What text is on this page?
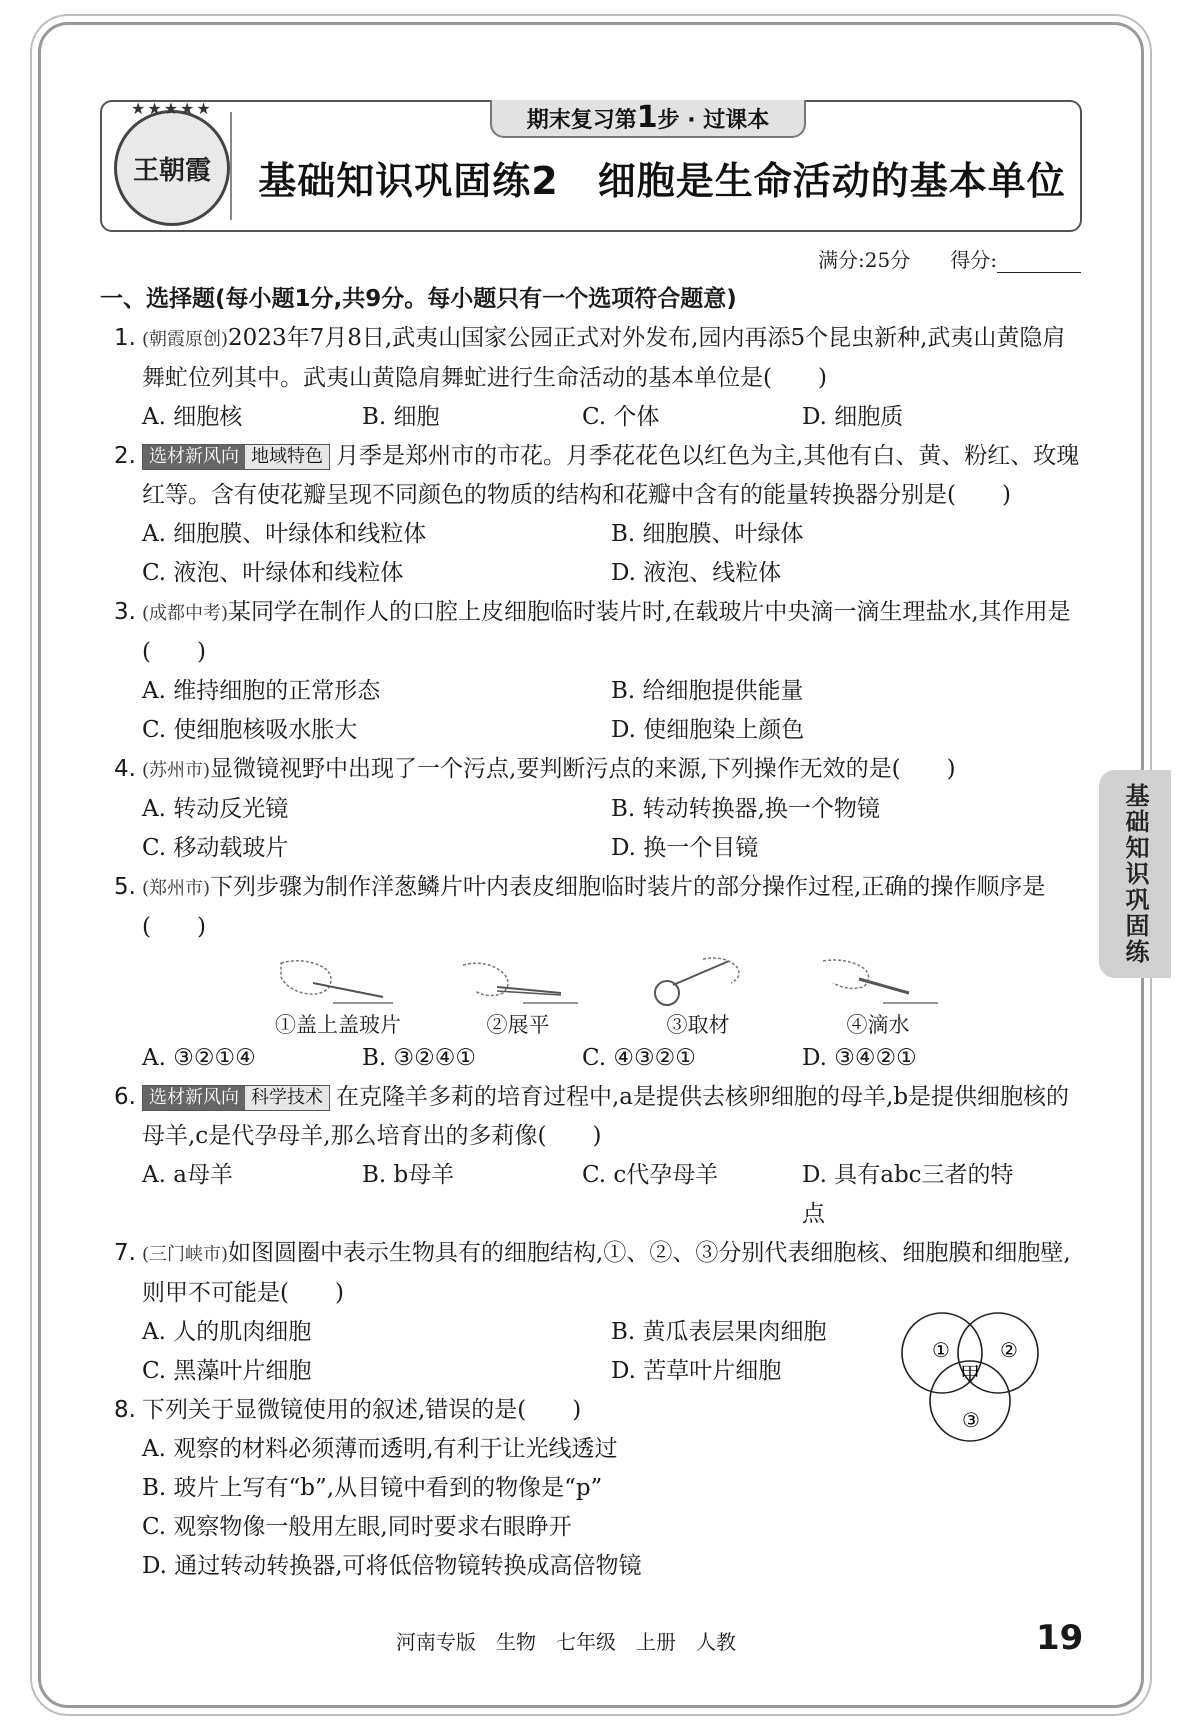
★★★★★
王朝霞
期末复习第1步 · 过课本
基础知识巩固练2　细胞是生命活动的基本单位
满分:25分　　 得分:
一、选择题(每小题1分,共9分。每小题只有一个选项符合题意)
1. (朝霞原创)2023年7月8日,武夷山国家公园正式对外发布,园内再添5个昆虫新种,武夷山黄隐肩舞虻位列其中。武夷山黄隐肩舞虻进行生命活动的基本单位是(　　)
A. 细胞核	B. 细胞	C. 个体	D. 细胞质
2. 选材新风向 地域特色 月季是郑州市的市花。月季花花色以红色为主,其他有白、黄、粉红、玫瑰红等。含有使花瓣呈现不同颜色的物质的结构和花瓣中含有的能量转换器分别是(　　)
A. 细胞膜、叶绿体和线粒体	B. 细胞膜、叶绿体
C. 液泡、叶绿体和线粒体	D. 液泡、线粒体
3. (成都中考)某同学在制作人的口腔上皮细胞临时装片时,在载玻片中央滴一滴生理盐水,其作用是(　　)
A. 维持细胞的正常形态	B. 给细胞提供能量
C. 使细胞核吸水胀大	D. 使细胞染上颜色
4. (苏州市)显微镜视野中出现了一个污点,要判断污点的来源,下列操作无效的是(　　)
A. 转动反光镜	B. 转动转换器,换一个物镜
C. 移动载玻片	D. 换一个目镜
5. (郑州市)下列步骤为制作洋葱鳞片叶内表皮细胞临时装片的部分操作过程,正确的操作顺序是(　　)
①盖上盖玻片	②展平	③取材	④滴水
A. ③②①④	B. ③②④①	C. ④③②①	D. ③④②①
6. 选材新风向 科学技术 在克隆羊多莉的培育过程中,a是提供去核卵细胞的母羊,b是提供细胞核的母羊,c是代孕母羊,那么培育出的多莉像(　　)
A. a母羊	B. b母羊	C. c代孕母羊	D. 具有abc三者的特点
7. (三门峡市)如图圆圈中表示生物具有的细胞结构,①、②、③分别代表细胞核、细胞膜和细胞壁,则甲不可能是(　　)
A. 人的肌肉细胞	B. 黄瓜表层果肉细胞
C. 黑藻叶片细胞	D. 苦草叶片细胞
8. 下列关于显微镜使用的叙述,错误的是(　　)
A. 观察的材料必须薄而透明,有利于让光线透过
B. 玻片上写有“b”,从目镜中看到的物像是“p”
C. 观察物像一般用左眼,同时要求右眼睁开
D. 通过转动转换器,可将低倍物镜转换成高倍物镜
①	②
③
甲
基础知识巩固练
河南专版　生物　七年级　上册　人教	19
